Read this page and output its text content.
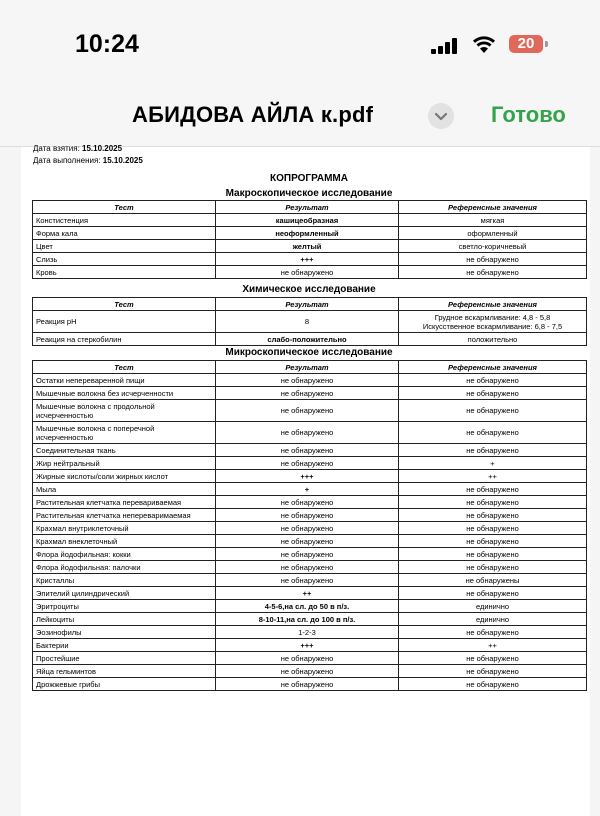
10:24	20
АБИДОВА АЙЛА к.pdf	Готово
Дата взятия: 15.10.2025
Дата выполнения: 15.10.2025
КОПРОГРАММА
Макроскопическое исследование
Тест	Результат	Референсные значения
Констистенция	кашицеобразная	мягкая
Форма кала	неоформленный	оформленный
Цвет	желтый	светло-коричневый
Слизь	+++	не обнаружено
Кровь	не обнаружено	не обнаружено
Химическое исследование
Тест	Результат	Референсные значения
Реакция рН	8	Грудное вскармливание: 4,8 - 5,8
Искусственное вскармливание: 6,8 - 7,5

Реакция на стеркобилин	слабо-положительно	положительно
Микроскопическое исследование
Тест	Результат	Референсные значения
Остатки непереваренной пищи	не обнаружено	не обнаружено
Мышечные волокна без исчерченности	не обнаружено	не обнаружено
Мышечные волокна с продольной исчерченностью	не обнаружено	не обнаружено
Мышечные волокна с поперечной исчерченностью	не обнаружено	не обнаружено
Соединительная ткань	не обнаружено	не обнаружено
Жир нейтральный	не обнаружено	+
Жирные кислоты/соли жирных кислот	+++	++
Мыла	+	не обнаружено
Растительная клетчатка перевариваемая	не обнаружено	не обнаружено
Растительная клетчатка непереваримаемая	не обнаружено	не обнаружено
Крахмал внутриклеточный	не обнаружено	не обнаружено
Крахмал внеклеточный	не обнаружено	не обнаружено
Флора йодофильная: кокки	не обнаружено	не обнаружено
Флора йодофильная: палочки	не обнаружено	не обнаружено
Кристаллы	не обнаружено	не обнаружены
Эпителий цилиндрический	++	не обнаружено
Эритроциты	4-5-6,на сл. до 50 в п/з.	единично
Лейкоциты	8-10-11,на сл. до 100 в п/з.	единично
Эозинофилы	1-2-3	не обнаружено
Бактерии	+++	++
Простейшие	не обнаружено	не обнаружено
Яйца гельминтов	не обнаружено	не обнаружено
Дрожжевые грибы	не обнаружено	не обнаружено
